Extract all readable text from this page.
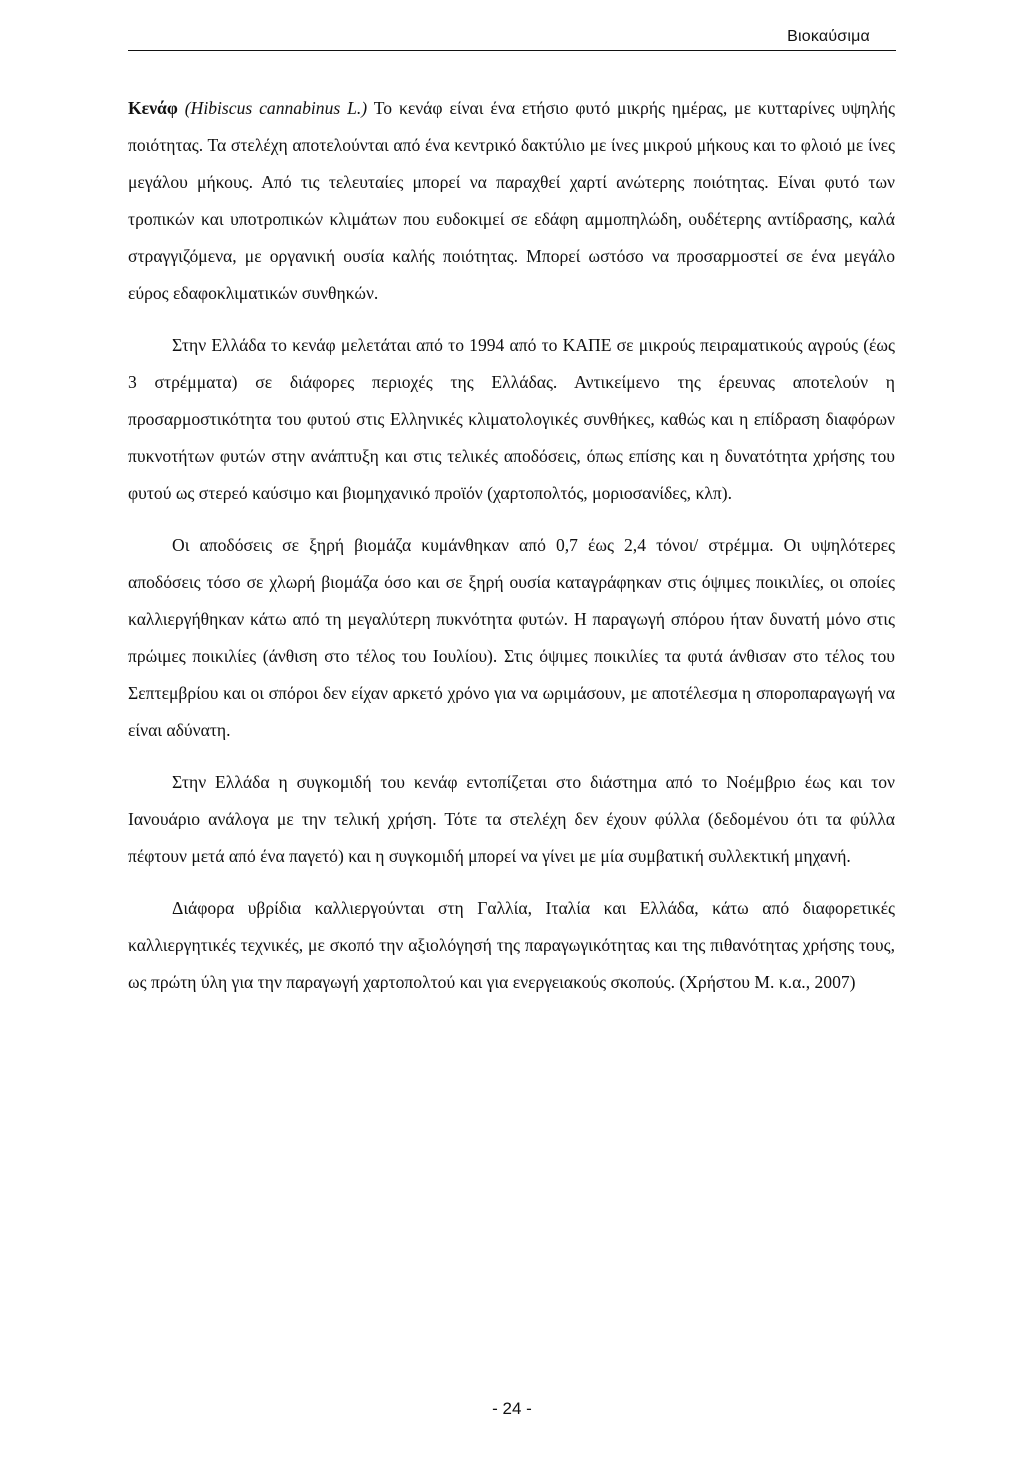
Βιοκαύσιμα

Κενάφ (Hibiscus cannabinus L.) Το κενάφ είναι ένα ετήσιο φυτό μικρής ημέρας, με κυτταρίνες υψηλής ποιότητας. Τα στελέχη αποτελούνται από ένα κεντρικό δακτύλιο με ίνες μικρού μήκους και το φλοιό με ίνες μεγάλου μήκους. Από τις τελευταίες μπορεί να παραχθεί χαρτί ανώτερης ποιότητας. Είναι φυτό των τροπικών και υποτροπικών κλιμάτων που ευδοκιμεί σε εδάφη αμμοπηλώδη, ουδέτερης αντίδρασης, καλά στραγγιζόμενα, με οργανική ουσία καλής ποιότητας. Μπορεί ωστόσο να προσαρμοστεί σε ένα μεγάλο εύρος εδαφοκλιματικών συνθηκών.

Στην Ελλάδα το κενάφ μελετάται από το 1994 από το ΚΑΠΕ σε μικρούς πειραματικούς αγρούς (έως 3 στρέμματα) σε διάφορες περιοχές της Ελλάδας. Αντικείμενο της έρευνας αποτελούν η προσαρμοστικότητα του φυτού στις Ελληνικές κλιματολογικές συνθήκες, καθώς και η επίδραση διαφόρων πυκνοτήτων φυτών στην ανάπτυξη και στις τελικές αποδόσεις, όπως επίσης και η δυνατότητα χρήσης του φυτού ως στερεό καύσιμο και βιομηχανικό προϊόν (χαρτοπολτός, μοριοσανίδες, κλπ).

Οι αποδόσεις σε ξηρή βιομάζα κυμάνθηκαν από 0,7 έως 2,4 τόνοι/ στρέμμα. Οι υψηλότερες αποδόσεις τόσο σε χλωρή βιομάζα όσο και σε ξηρή ουσία καταγράφηκαν στις όψιμες ποικιλίες, οι οποίες καλλιεργήθηκαν κάτω από τη μεγαλύτερη πυκνότητα φυτών. Η παραγωγή σπόρου ήταν δυνατή μόνο στις πρώιμες ποικιλίες (άνθιση στο τέλος του Ιουλίου). Στις όψιμες ποικιλίες τα φυτά άνθισαν στο τέλος του Σεπτεμβρίου και οι σπόροι δεν είχαν αρκετό χρόνο για να ωριμάσουν, με αποτέλεσμα η σποροπαραγωγή να είναι αδύνατη.

Στην Ελλάδα η συγκομιδή του κενάφ εντοπίζεται στο διάστημα από το Νοέμβριο έως και τον Ιανουάριο ανάλογα με την τελική χρήση. Τότε τα στελέχη δεν έχουν φύλλα (δεδομένου ότι τα φύλλα πέφτουν μετά από ένα παγετό) και η συγκομιδή μπορεί να γίνει με μία συμβατική συλλεκτική μηχανή.

Διάφορα υβρίδια καλλιεργούνται στη Γαλλία, Ιταλία και Ελλάδα, κάτω από διαφορετικές καλλιεργητικές τεχνικές, με σκοπό την αξιολόγησή της παραγωγικότητας και της πιθανότητας χρήσης τους, ως πρώτη ύλη για την παραγωγή χαρτοπολτού και για ενεργειακούς σκοπούς. (Χρήστου Μ. κ.α., 2007)

- 24 -
